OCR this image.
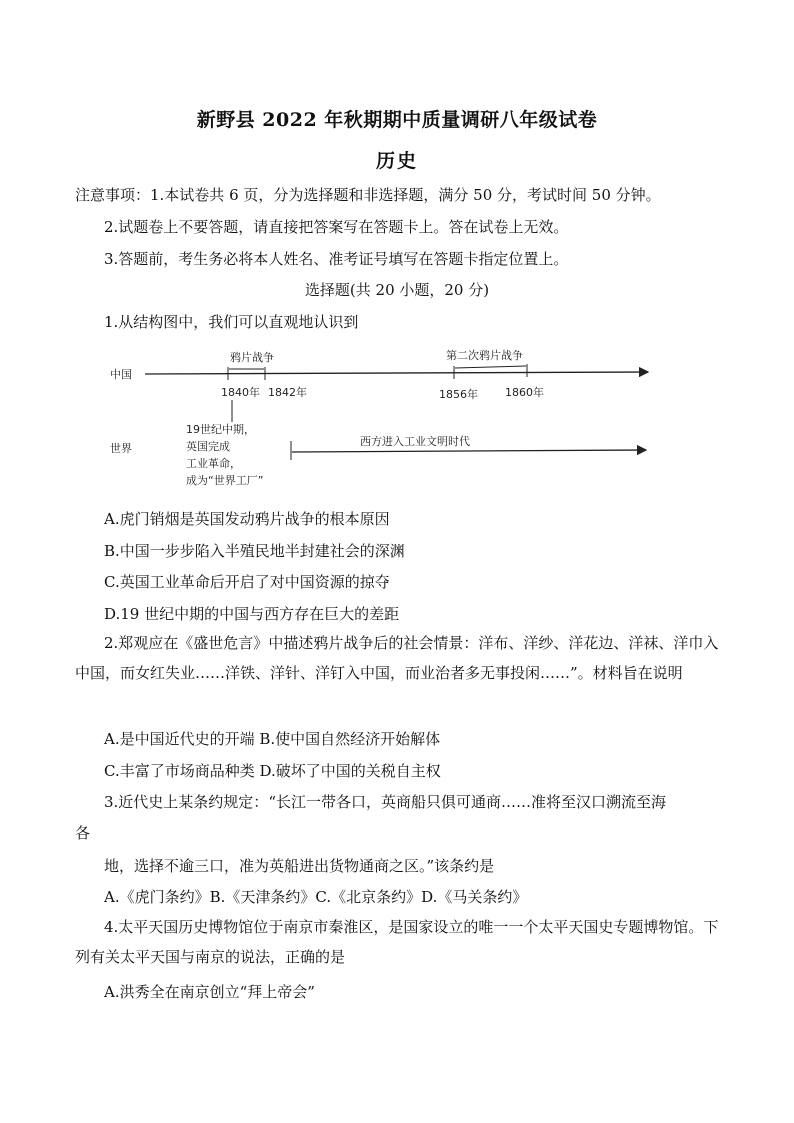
新野县 2022 年秋期期中质量调研八年级试卷
历史
注意事项：1.本试卷共 6 页，分为选择题和非选择题，满分 50 分，考试时间 50 分钟。
2.试题卷上不要答题，请直接把答案写在答题卡上。答在试卷上无效。
3.答题前，考生务必将本人姓名、准考证号填写在答题卡指定位置上。
选择题(共 20 小题，20 分)
1.从结构图中，我们可以直观地认识到
中国
鸦片战争
1840年 1842年
第二次鸦片战争
1856年 1860年
世界
19世纪中期，
英国完成
工业革命，
成为“世界工厂”
西方进入工业文明时代
A.虎门销烟是英国发动鸦片战争的根本原因
B.中国一步步陷入半殖民地半封建社会的深渊
C.英国工业革命后开启了对中国资源的掠夺
D.19 世纪中期的中国与西方存在巨大的差距
2.郑观应在《盛世危言》中描述鸦片战争后的社会情景：洋布、洋纱、洋花边、洋袜、洋巾入中国，而女红失业……洋铁、洋针、洋钉入中国，而业治者多无事投闲……”。材料旨在说明
A.是中国近代史的开端 B.使中国自然经济开始解体
C.丰富了市场商品种类 D.破坏了中国的关税自主权
3.近代史上某条约规定：“长江一带各口，英商船只俱可通商……准将至汉口溯流至海
各
地，选择不逾三口，准为英船进出货物通商之区。”该条约是
A.《虎门条约》B.《天津条约》C.《北京条约》D.《马关条约》
4.太平天国历史博物馆位于南京市秦淮区，是国家设立的唯一一个太平天国史专题博物馆。下列有关太平天国与南京的说法，正确的是
A.洪秀全在南京创立“拜上帝会”
